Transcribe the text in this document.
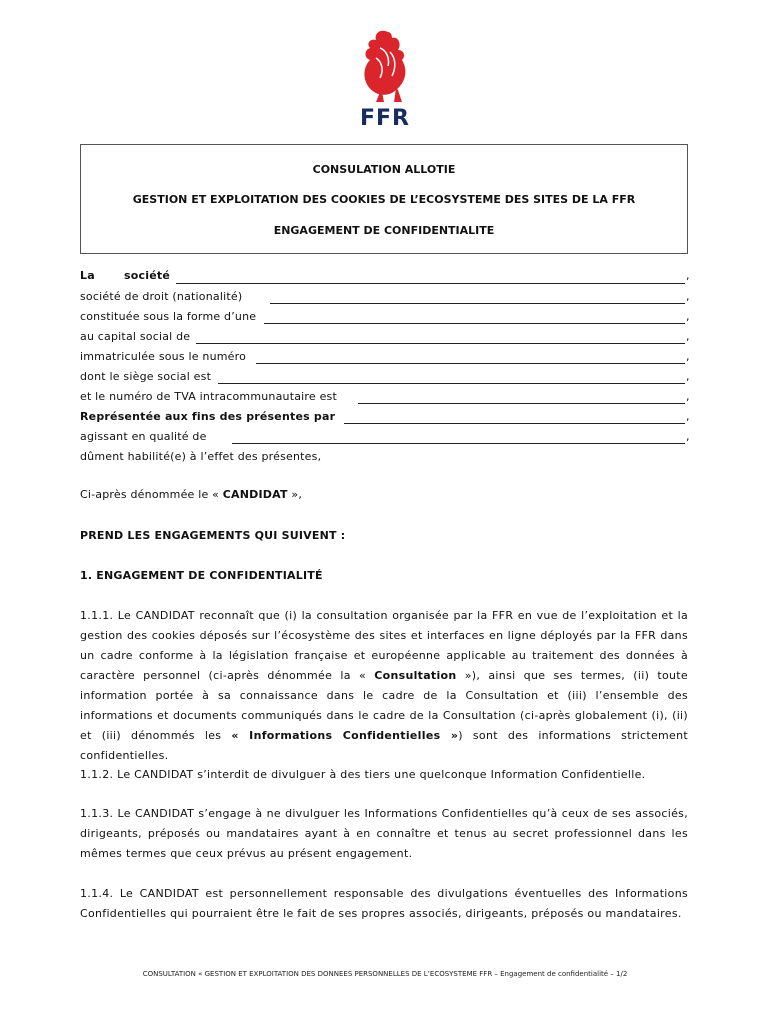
FFR
CONSULATION ALLOTIE
GESTION ET EXPLOITATION DES COOKIES DE L’ECOSYSTEME DES SITES DE LA FFR
ENGAGEMENT DE CONFIDENTIALITE
La	société	,
société de droit (nationalité)	,
constituée sous la forme d’une	,
au capital social de	,
immatriculée sous le numéro	,
dont le siège social est	,
et le numéro de TVA intracommunautaire est	,
Représentée aux fins des présentes par	,
agissant en qualité de	,
dûment habilité(e) à l’effet des présentes,
Ci-après dénommée le « CANDIDAT »,
PREND LES ENGAGEMENTS QUI SUIVENT :
1. ENGAGEMENT DE CONFIDENTIALITÉ
1.1.1. Le CANDIDAT reconnaît que (i) la consultation organisée par la FFR en vue de l’exploitation et la gestion des cookies déposés sur l’écosystème des sites et interfaces en ligne déployés par la FFR dans un cadre conforme à la législation française et européenne applicable au traitement des données à caractère personnel (ci-après dénommée la « Consultation »), ainsi que ses termes, (ii) toute information portée à sa connaissance dans le cadre de la Consultation et (iii) l’ensemble des informations et documents communiqués dans le cadre de la Consultation (ci-après globalement (i), (ii) et (iii) dénommés les « Informations Confidentielles ») sont des informations strictement confidentielles.
1.1.2. Le CANDIDAT s’interdit de divulguer à des tiers une quelconque Information Confidentielle.
1.1.3. Le CANDIDAT s’engage à ne divulguer les Informations Confidentielles qu’à ceux de ses associés, dirigeants, préposés ou mandataires ayant à en connaître et tenus au secret professionnel dans les mêmes termes que ceux prévus au présent engagement.
1.1.4. Le CANDIDAT est personnellement responsable des divulgations éventuelles des Informations Confidentielles qui pourraient être le fait de ses propres associés, dirigeants, préposés ou mandataires.
CONSULTATION « GESTION ET EXPLOITATION DES DONNEES PERSONNELLES DE L’ECOSYSTEME FFR – Engagement de confidentialité – 1/2
